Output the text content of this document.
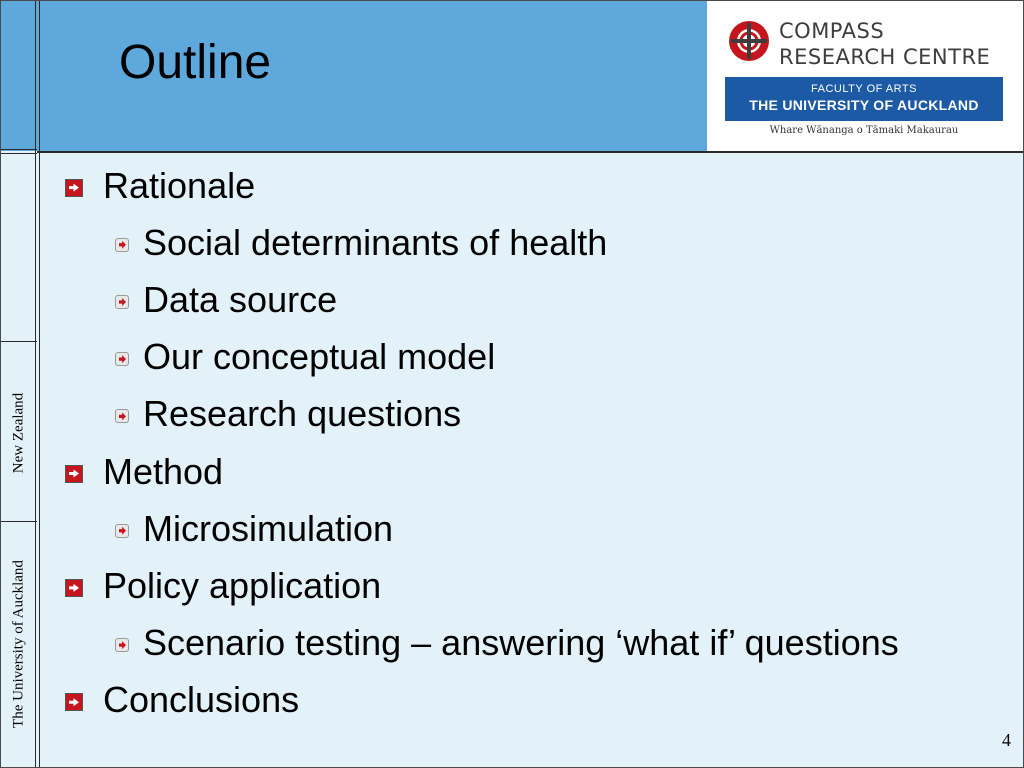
Outline
COMPASS
RESEARCH CENTRE
FACULTY OF ARTS
THE UNIVERSITY OF AUCKLAND
Whare Wānanga o Tāmaki Makaurau
New Zealand
The University of Auckland
Rationale
Social determinants of health
Data source
Our conceptual model
Research questions
Method
Microsimulation
Policy application
Scenario testing – answering ‘what if’ questions
Conclusions
4
